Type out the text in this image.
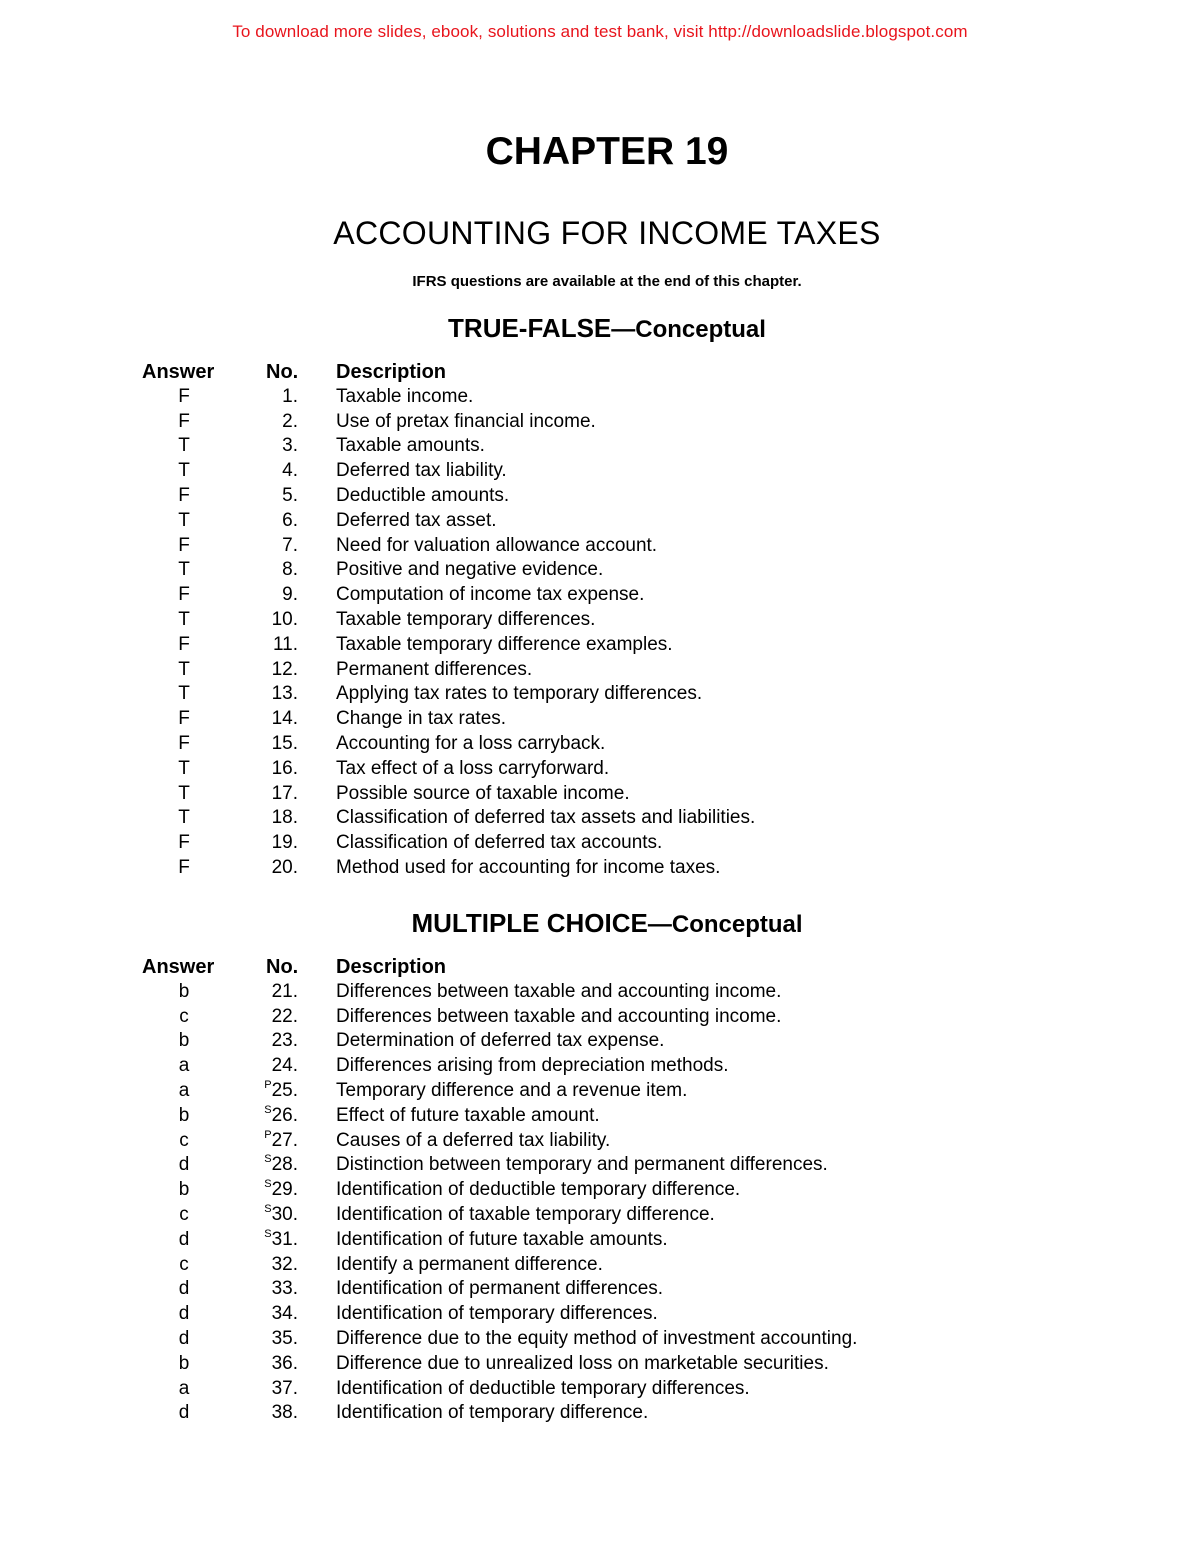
To download more slides, ebook, solutions and test bank, visit http://downloadslide.blogspot.com
CHAPTER 19
ACCOUNTING FOR INCOME TAXES
IFRS questions are available at the end of this chapter.
TRUE-FALSE—Conceptual
Answer	No. Description
F	1. Taxable income.
F	2. Use of pretax financial income.
T	3. Taxable amounts.
T	4. Deferred tax liability.
F	5. Deductible amounts.
T	6. Deferred tax asset.
F	7. Need for valuation allowance account.
T	8. Positive and negative evidence.
F	9. Computation of income tax expense.
T	10. Taxable temporary differences.
F	11. Taxable temporary difference examples.
T	12. Permanent differences.
T	13. Applying tax rates to temporary differences.
F	14. Change in tax rates.
F	15. Accounting for a loss carryback.
T	16. Tax effect of a loss carryforward.
T	17. Possible source of taxable income.
T	18. Classification of deferred tax assets and liabilities.
F	19. Classification of deferred tax accounts.
F	20. Method used for accounting for income taxes.
MULTIPLE CHOICE—Conceptual
Answer	No. Description
b	21. Differences between taxable and accounting income.
c	22. Differences between taxable and accounting income.
b	23. Determination of deferred tax expense.
a	24. Differences arising from depreciation methods.
a	$^P$25. Temporary difference and a revenue item.
b	$^S$26. Effect of future taxable amount.
c	$^P$27. Causes of a deferred tax liability.
d	$^S$28. Distinction between temporary and permanent differences.
b	$^S$29. Identification of deductible temporary difference.
c	$^S$30. Identification of taxable temporary difference.
d	$^S$31. Identification of future taxable amounts.
c	32. Identify a permanent difference.
d	33. Identification of permanent differences.
d	34. Identification of temporary differences.
d	35. Difference due to the equity method of investment accounting.
b	36. Difference due to unrealized loss on marketable securities.
a	37. Identification of deductible temporary differences.
d	38. Identification of temporary difference.
